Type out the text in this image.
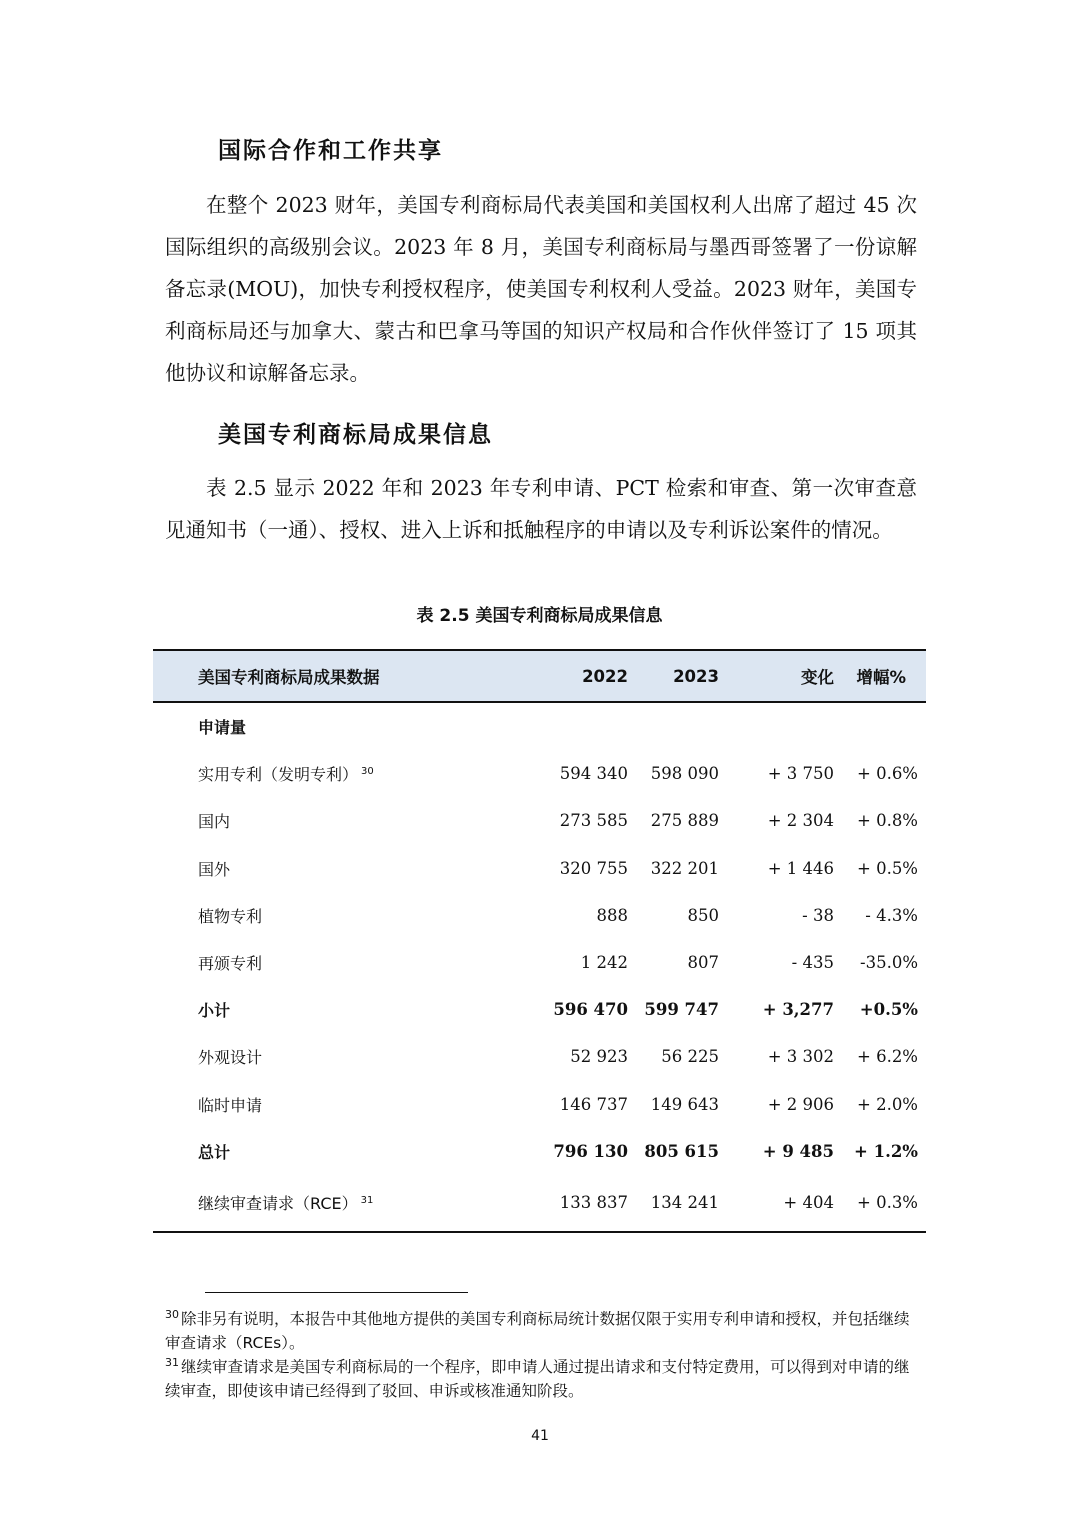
国际合作和工作共享

在整个 2023 财年，美国专利商标局代表美国和美国权利人出席了超过 45 次国际组织的高级别会议。2023 年 8 月，美国专利商标局与墨西哥签署了一份谅解备忘录(MOU)，加快专利授权程序，使美国专利权利人受益。2023 财年，美国专利商标局还与加拿大、蒙古和巴拿马等国的知识产权局和合作伙伴签订了 15 项其他协议和谅解备忘录。

美国专利商标局成果信息

表 2.5 显示 2022 年和 2023 年专利申请、PCT 检索和审查、第一次审查意见通知书（一通）、授权、进入上诉和抵触程序的申请以及专利诉讼案件的情况。

表 2.5 美国专利商标局成果信息

美国专利商标局成果数据	2022	2023	变化	增幅%
申请量				
实用专利（发明专利） $^{30}$	594 340	598 090	+ 3 750	+ 0.6%
国内	273 585	275 889	+ 2 304	+ 0.8%
国外	320 755	322 201	+ 1 446	+ 0.5%
植物专利	888	850	- 38	- 4.3%
再颁专利	1 242	807	- 435	-35.0%
小计	596 470	599 747	+ 3,277	+0.5%
外观设计	52 923	56 225	+ 3 302	+ 6.2%
临时申请	146 737	149 643	+ 2 906	+ 2.0%
总计	796 130	805 615	+ 9 485	+ 1.2%
继续审查请求（RCE） $^{31}$	133 837	134 241	+ 404	+ 0.3%

$^{30}$ 除非另有说明，本报告中其他地方提供的美国专利商标局统计数据仅限于实用专利申请和授权，并包括继续审查请求（RCEs）。

$^{31}$ 继续审查请求是美国专利商标局的一个程序，即申请人通过提出请求和支付特定费用，可以得到对申请的继续审查，即使该申请已经得到了驳回、申诉或核准通知阶段。

41
